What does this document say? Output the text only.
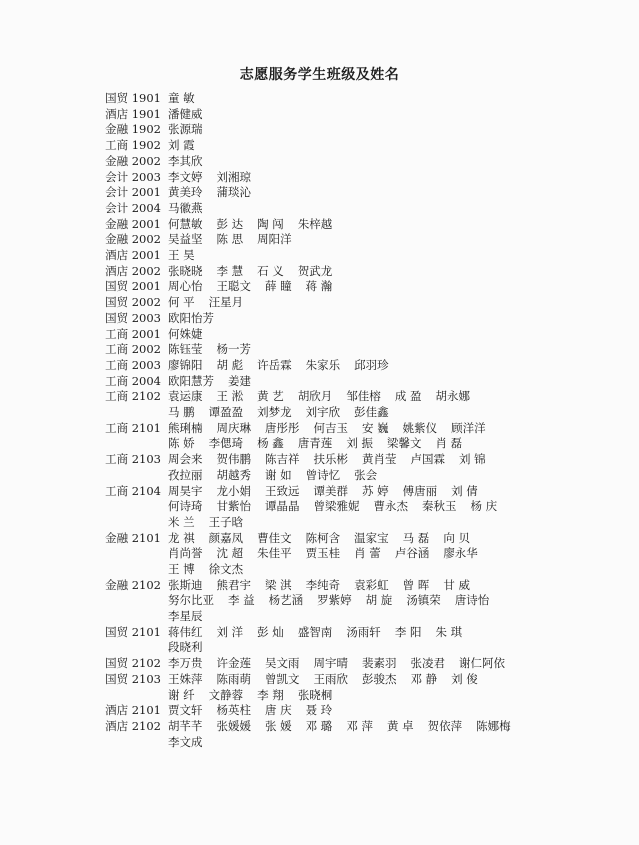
志愿服务学生班级及姓名
国贸 1901 童 敏
酒店 1901 潘健威
金融 1902 张源瑞
工商 1902 刘 霞
金融 2002 李其欣
会计 2003 李文婷 刘湘琼
会计 2001 黄美玲 蒲琰沁
会计 2004 马徽燕
金融 2001 何慧敏 彭 达 陶 闯 朱梓越
金融 2002 吴益坚 陈 思 周阳洋
酒店 2001 王 昊
酒店 2002 张晓晓 李 慧 石 义 贺武龙
国贸 2001 周心怡 王聪文 薛 瞳 蒋 瀚
国贸 2002 何 平 汪星月
国贸 2003 欧阳怡芳
工商 2001 何姝婕
工商 2002 陈钰莹 杨一芳
工商 2003 廖锦阳 胡 彪 许岳霖 朱家乐 邱羽珍
工商 2004 欧阳慧芳 姜建
工商 2102 袁运康 王 淞 黄 艺 胡欣月 邹佳榕 成 盈 胡永娜
马 鹏 谭盈盈 刘梦龙 刘宇欣 彭佳鑫
工商 2101 熊琍楠 周庆琳 唐彤彤 何吉玉 安 巍 姚紫仪 顾洋洋
陈 娇 李偲琦 杨 鑫 唐青莲 刘 振 梁馨文 肖 磊
工商 2103 周会来 贺伟鹏 陈吉祥 扶乐彬 黄肖莹 卢国霖 刘 锦
孜拉丽 胡越秀 谢 如 曾诗忆 张会
工商 2104 周昊宇 龙小娟 王致远 谭美群 苏 婷 傅唐丽 刘 倩
何诗琦 甘紫怡 谭晶晶 曾梁雅妮 曹永杰 秦秋玉 杨 庆
米 兰 王子晗
金融 2101 龙 祺 颜嘉凤 曹佳文 陈柯含 温家宝 马 磊 向 贝
肖尚誉 沈 超 朱佳平 贾玉桂 肖 蕾 卢谷涵 廖永华
王 博 徐文杰
金融 2102 张斯迪 熊君宇 梁 淇 李纯奇 袁彩虹 曾 晖 甘 威
努尔比亚 李 益 杨艺涵 罗紫婷 胡 旋 汤镇荣 唐诗怡
李星辰
国贸 2101 蒋伟红 刘 洋 彭 灿 盛智南 汤雨轩 李 阳 朱 琪
段晓利
国贸 2102 李万贵 许金莲 吴文雨 周宇晴 裴素羽 张凌君 谢仁阿依
国贸 2103 王姝萍 陈雨萌 曾凯文 王雨欣 彭骏杰 邓 静 刘 俊
谢 纤 文静蓉 李 翔 张晓桐
酒店 2101 贾文轩 杨英柱 唐 庆 聂 玲
酒店 2102 胡芊芊 张媛媛 张 媛 邓 璐 邓 萍 黄 卓 贺依萍 陈娜梅
李文成
